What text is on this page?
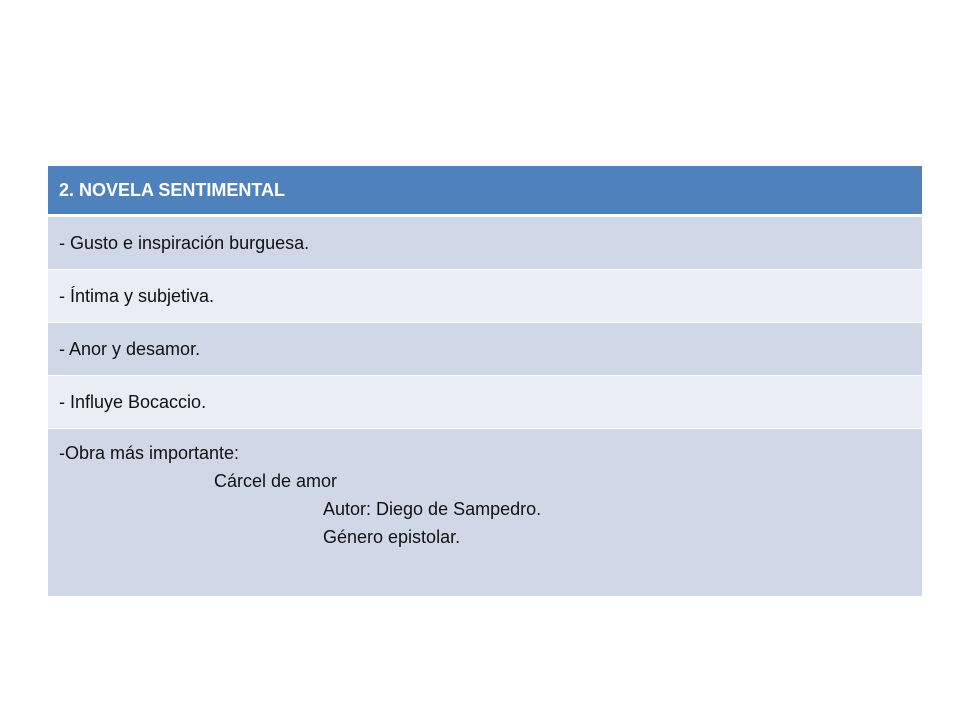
2. NOVELA SENTIMENTAL
- Gusto e inspiración burguesa.
- Íntima y subjetiva.
- Anor y desamor.
- Influye Bocaccio.

-Obra más importante:
Cárcel de amor
Autor: Diego de Sampedro.
Género epistolar.
